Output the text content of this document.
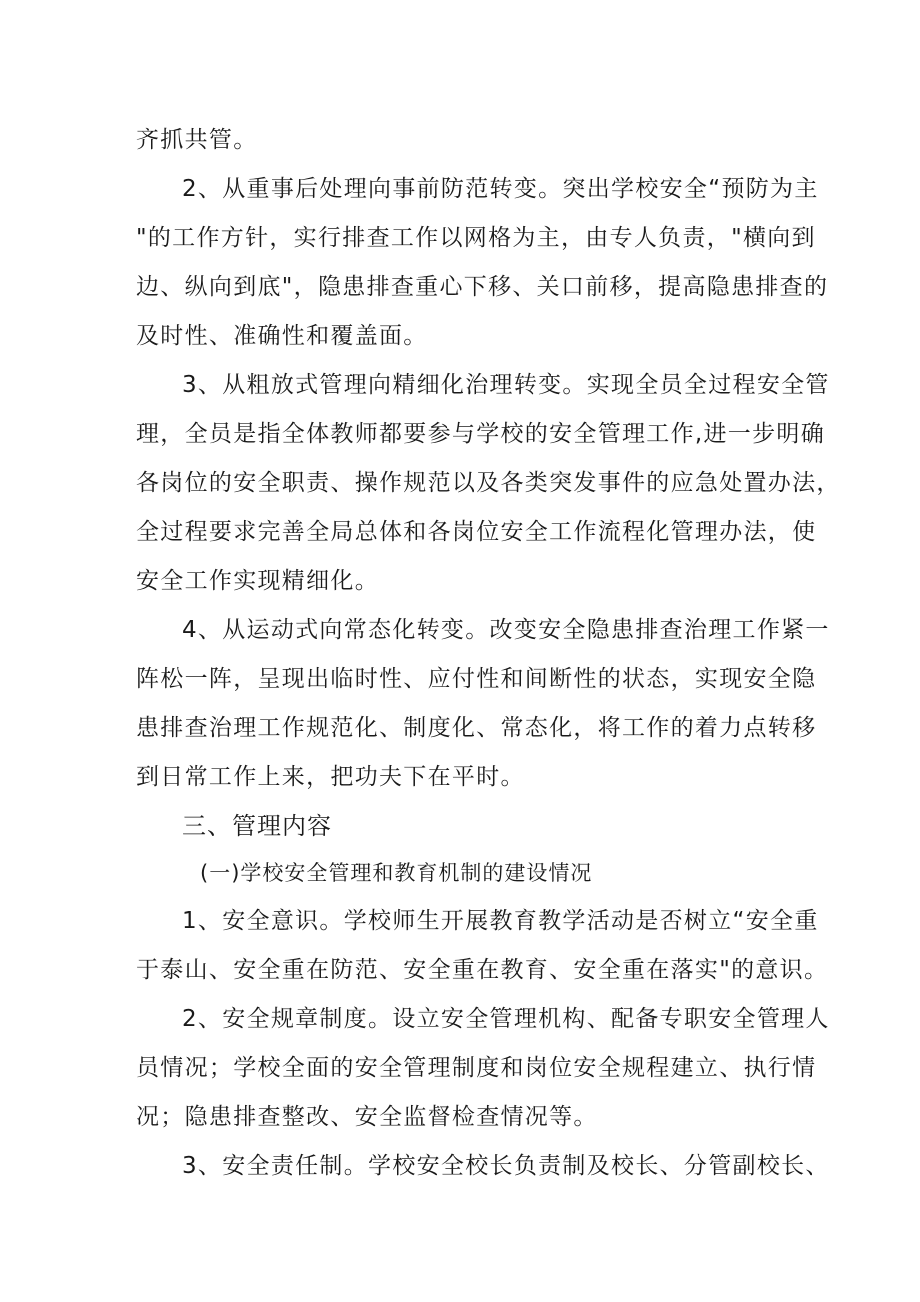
齐抓共管。
2、从重事后处理向事前防范转变。突出学校安全“预防为主
"的工作方针，实行排查工作以网格为主，由专人负责，"横向到
边、纵向到底"，隐患排查重心下移、关口前移，提高隐患排查的
及时性、准确性和覆盖面。
3、从粗放式管理向精细化治理转变。实现全员全过程安全管
理，全员是指全体教师都要参与学校的安全管理工作,进一步明确
各岗位的安全职责、操作规范以及各类突发事件的应急处置办法，
全过程要求完善全局总体和各岗位安全工作流程化管理办法，使
安全工作实现精细化。
4、从运动式向常态化转变。改变安全隐患排查治理工作紧一
阵松一阵，呈现出临时性、应付性和间断性的状态，实现安全隐
患排查治理工作规范化、制度化、常态化，将工作的着力点转移
到日常工作上来，把功夫下在平时。
三、管理内容
(一)学校安全管理和教育机制的建设情况
1、安全意识。学校师生开展教育教学活动是否树立“安全重
于泰山、安全重在防范、安全重在教育、安全重在落实"的意识。
2、安全规章制度。设立安全管理机构、配备专职安全管理人
员情况；学校全面的安全管理制度和岗位安全规程建立、执行情
况；隐患排查整改、安全监督检查情况等。
3、安全责任制。学校安全校长负责制及校长、分管副校长、
